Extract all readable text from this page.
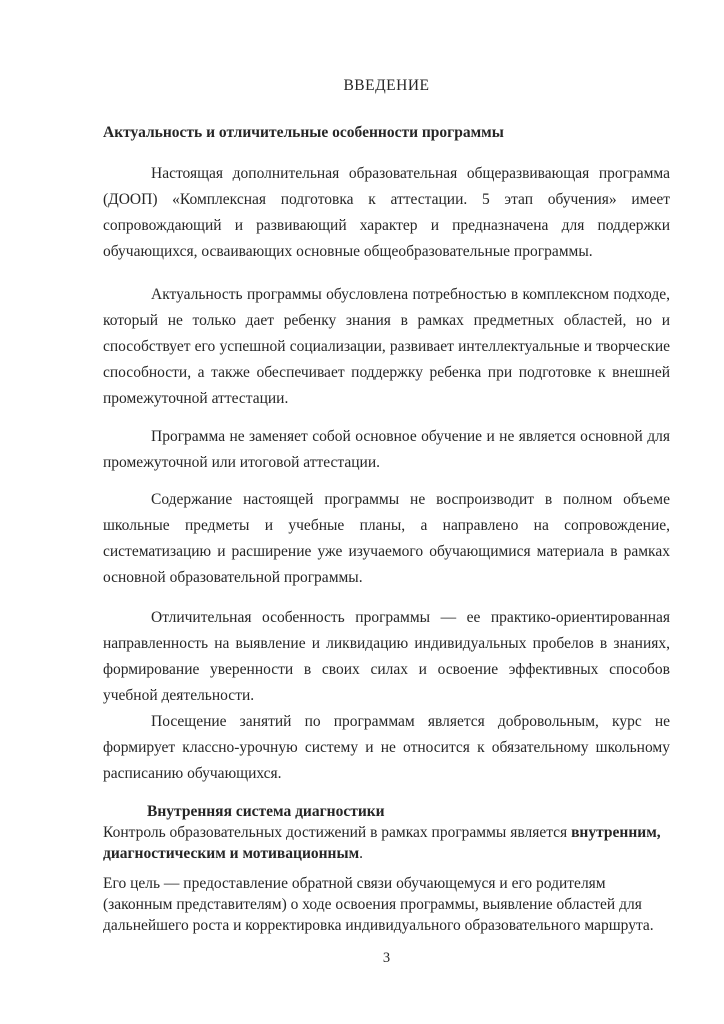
ВВЕДЕНИЕ
Актуальность и отличительные особенности программы

Настоящая дополнительная образовательная общеразвивающая программа (ДООП) «Комплексная подготовка к аттестации. 5 этап обучения» имеет сопровождающий и развивающий характер и предназначена для поддержки обучающихся, осваивающих основные общеобразовательные программы.

Актуальность программы обусловлена потребностью в комплексном подходе, который не только дает ребенку знания в рамках предметных областей, но и способствует его успешной социализации, развивает интеллектуальные и творческие способности, а также обеспечивает поддержку ребенка при подготовке к внешней промежуточной аттестации.

Программа не заменяет собой основное обучение и не является основной для промежуточной или итоговой аттестации.

Содержание настоящей программы не воспроизводит в полном объеме школьные предметы и учебные планы, а направлено на сопровождение, систематизацию и расширение уже изучаемого обучающимися материала в рамках основной образовательной программы.

Отличительная особенность программы — ее практико-ориентированная направленность на выявление и ликвидацию индивидуальных пробелов в знаниях, формирование уверенности в своих силах и освоение эффективных способов учебной деятельности.

Посещение занятий по программам является добровольным, курс не формирует классно-урочную систему и не относится к обязательному школьному расписанию обучающихся.

Внутренняя система диагностики

Контроль образовательных достижений в рамках программы является внутренним, диагностическим и мотивационным.

Его цель — предоставление обратной связи обучающемуся и его родителям (законным представителям) о ходе освоения программы, выявление областей для дальнейшего роста и корректировка индивидуального образовательного маршрута.

3
